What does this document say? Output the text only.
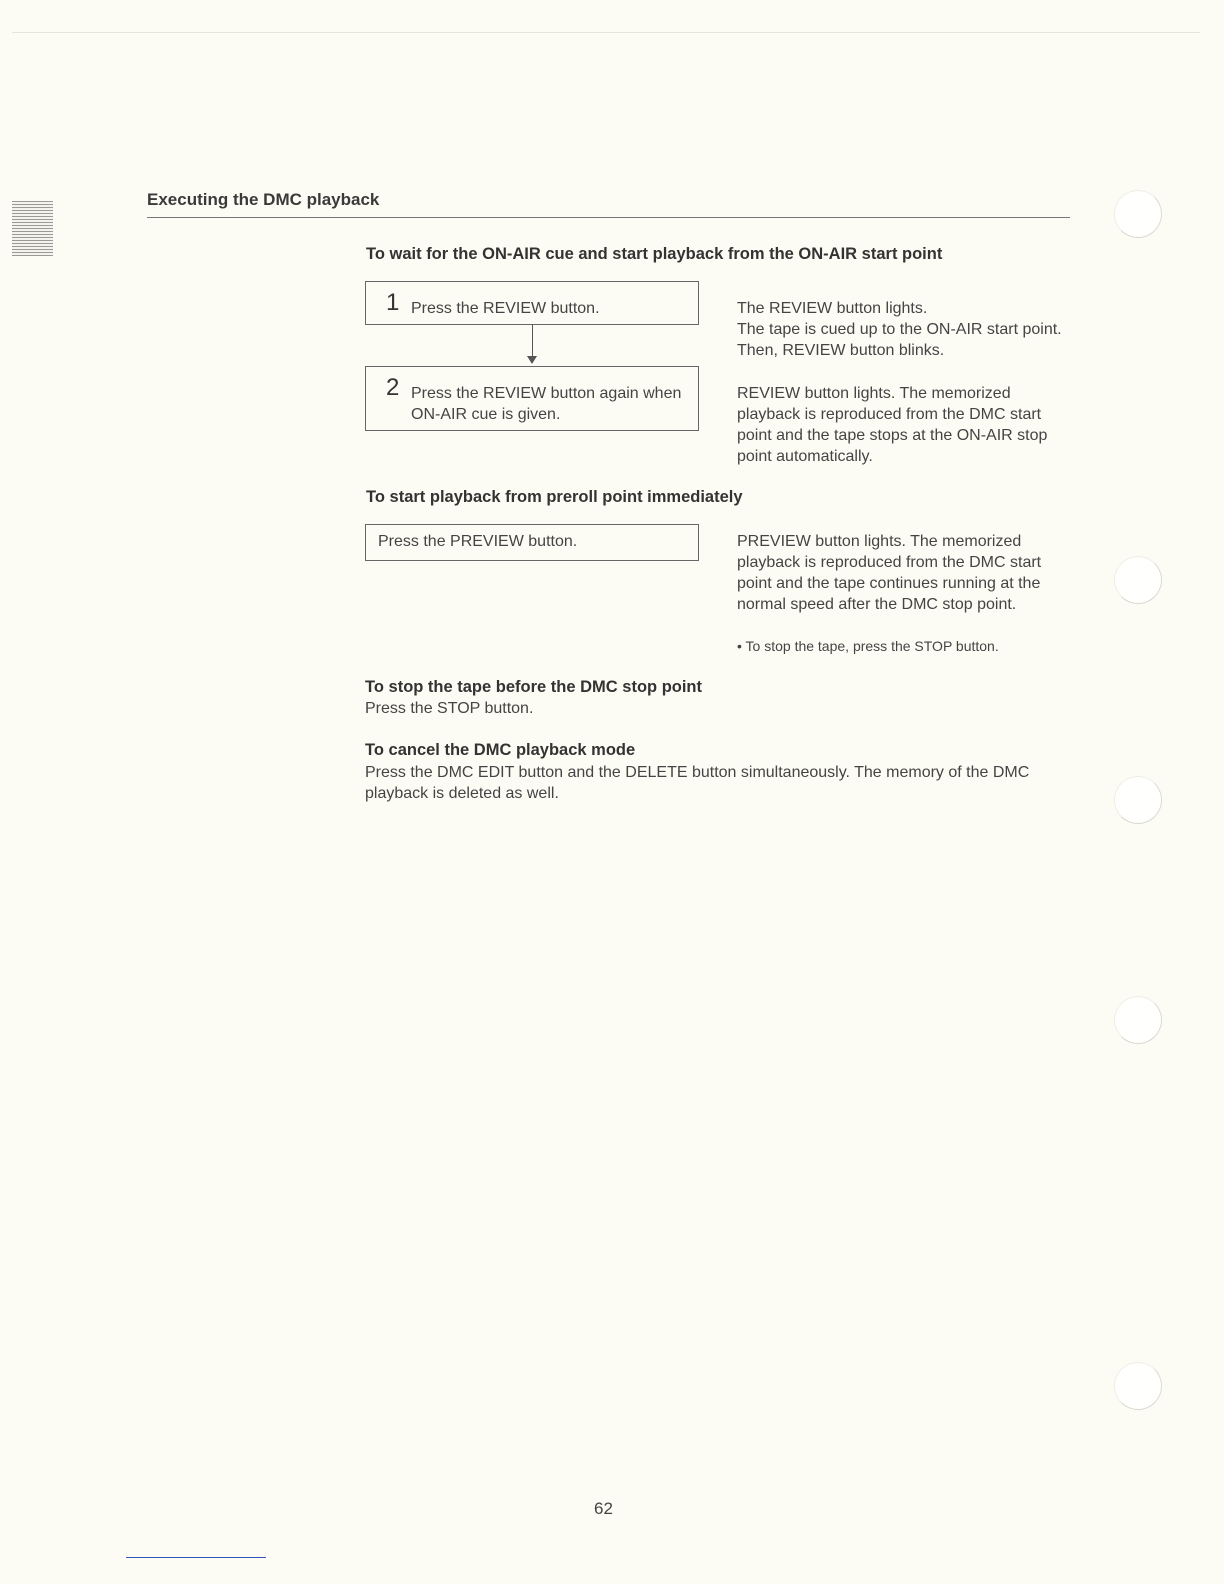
Executing the DMC playback
To wait for the ON-AIR cue and start playback from the ON-AIR start point
1 Press the REVIEW button.
2 Press the REVIEW button again when ON-AIR cue is given.
The REVIEW button lights.
The tape is cued up to the ON-AIR start point. Then, REVIEW button blinks.
REVIEW button lights. The memorized playback is reproduced from the DMC start point and the tape stops at the ON-AIR stop point automatically.
To start playback from preroll point immediately
Press the PREVIEW button.	PREVIEW button lights. The memorized playback is reproduced from the DMC start point and the tape continues running at the normal speed after the DMC stop point.
• To stop the tape, press the STOP button.
To stop the tape before the DMC stop point
Press the STOP button.
To cancel the DMC playback mode
Press the DMC EDIT button and the DELETE button simultaneously. The memory of the DMC playback is deleted as well.
62
